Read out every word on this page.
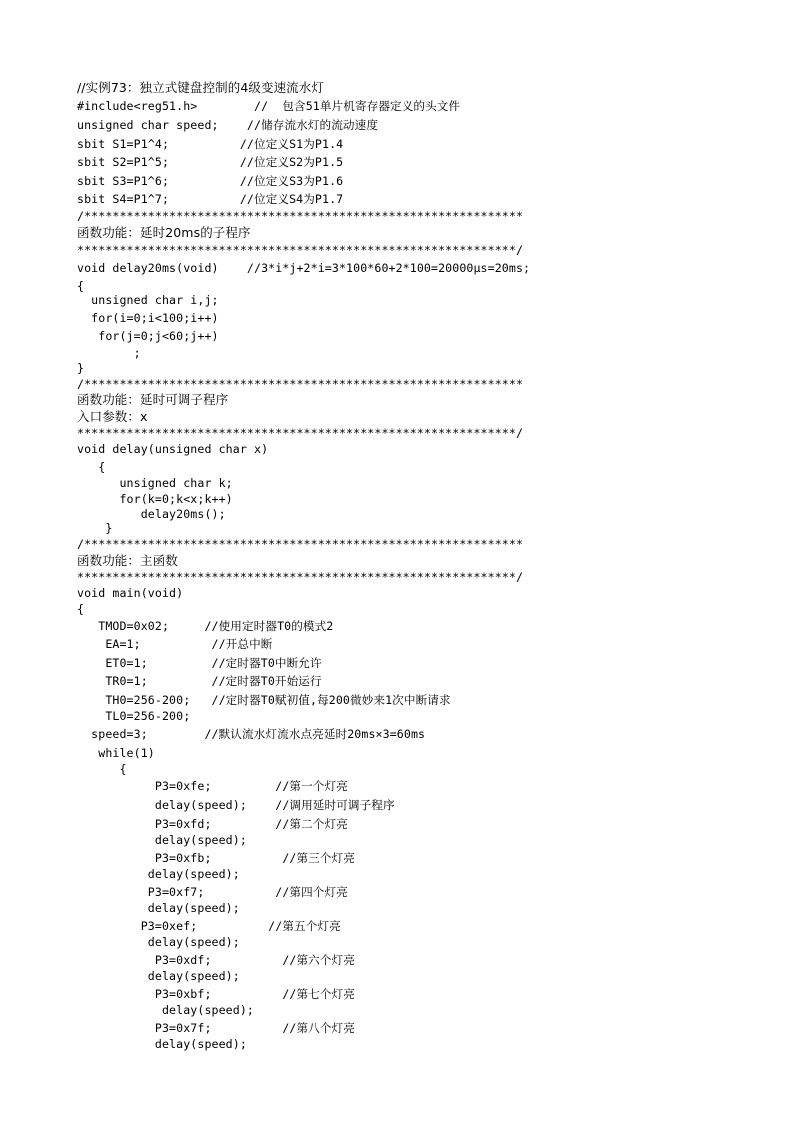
//实例73：独立式键盘控制的4级变速流水灯
#include<reg51.h>        //  包含51单片机寄存器定义的头文件
unsigned char speed;    //储存流水灯的流动速度
sbit S1=P1^4;          //位定义S1为P1.4
sbit S2=P1^5;          //位定义S2为P1.5
sbit S3=P1^6;          //位定义S3为P1.6
sbit S4=P1^7;          //位定义S4为P1.7
/**************************************************************
函数功能：延时20ms的子程序
**************************************************************/
void delay20ms(void)    //3*i*j+2*i=3*100*60+2*100=20000μs=20ms;
{
unsigned char i,j;
for(i=0;i<100;i++)
for(j=0;j<60;j++)
;
}
/**************************************************************
函数功能：延时可调子程序
入口参数：x
**************************************************************/
void delay(unsigned char x)
{
unsigned char k;
for(k=0;k<x;k++)
delay20ms();
}
/**************************************************************
函数功能：主函数
**************************************************************/
void main(void)
{
TMOD=0x02;     //使用定时器T0的模式2
EA=1;          //开总中断
ET0=1;         //定时器T0中断允许
TR0=1;         //定时器T0开始运行
TH0=256-200;   //定时器T0赋初值,每200微妙来1次中断请求
TL0=256-200;
speed=3;        //默认流水灯流水点亮延时20ms×3=60ms
while(1)
{
P3=0xfe;         //第一个灯亮
delay(speed);    //调用延时可调子程序
P3=0xfd;         //第二个灯亮
delay(speed);
P3=0xfb;          //第三个灯亮
delay(speed);
P3=0xf7;          //第四个灯亮
delay(speed);
P3=0xef;          //第五个灯亮
delay(speed);
P3=0xdf;          //第六个灯亮
delay(speed);
P3=0xbf;          //第七个灯亮
delay(speed);
P3=0x7f;          //第八个灯亮
delay(speed);
